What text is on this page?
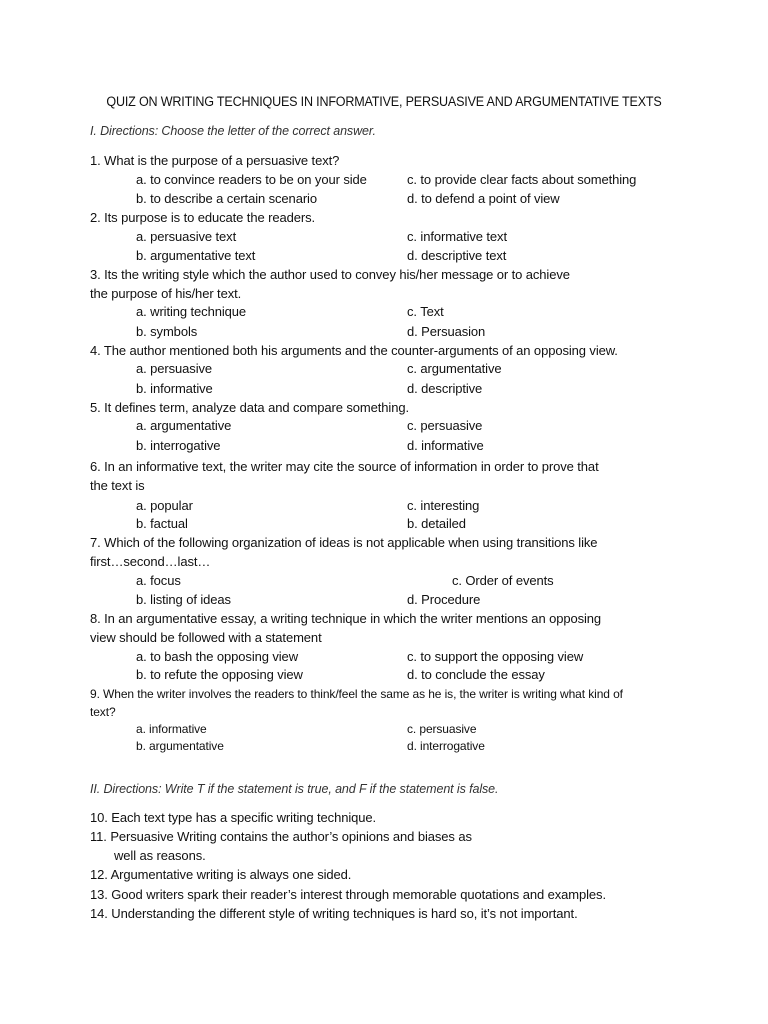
QUIZ ON WRITING TECHNIQUES IN INFORMATIVE, PERSUASIVE AND ARGUMENTATIVE TEXTS
I. Directions: Choose the letter of the correct answer.
1. What is the purpose of a persuasive text?
a. to convince readers to be on your side	c. to provide clear facts about something
b. to describe a certain scenario	d. to defend a point of view
2. Its purpose is to educate the readers.
a. persuasive text	c. informative text
b. argumentative text	d. descriptive text
3. Its the writing style which the author used to convey his/her message or to achieve
the purpose of his/her text.
a. writing technique	c. Text
b. symbols	d. Persuasion
4. The author mentioned both his arguments and the counter-arguments of an opposing view.
a. persuasive	c. argumentative
b. informative	d. descriptive
5. It defines term, analyze data and compare something.
a. argumentative	c. persuasive
b. interrogative	d. informative
6. In an informative text, the writer may cite the source of information in order to prove that
the text is
a. popular	c. interesting
b. factual	b. detailed
7. Which of the following organization of ideas is not applicable when using transitions like
first…second…last…
a. focus	c. Order of events
b. listing of ideas	d. Procedure
8. In an argumentative essay, a writing technique in which the writer mentions an opposing
view should be followed with a statement
a. to bash the opposing view	c. to support the opposing view
b. to refute the opposing view	d. to conclude the essay
9. When the writer involves the readers to think/feel the same as he is, the writer is writing what kind of
text?
a. informative	c. persuasive
b. argumentative	d. interrogative
II. Directions: Write T if the statement is true, and F if the statement is false.
10. Each text type has a specific writing technique.
11. Persuasive Writing contains the author’s opinions and biases as
well as reasons.
12. Argumentative writing is always one sided.
13. Good writers spark their reader’s interest through memorable quotations and examples.
14. Understanding the different style of writing techniques is hard so, it’s not important.
